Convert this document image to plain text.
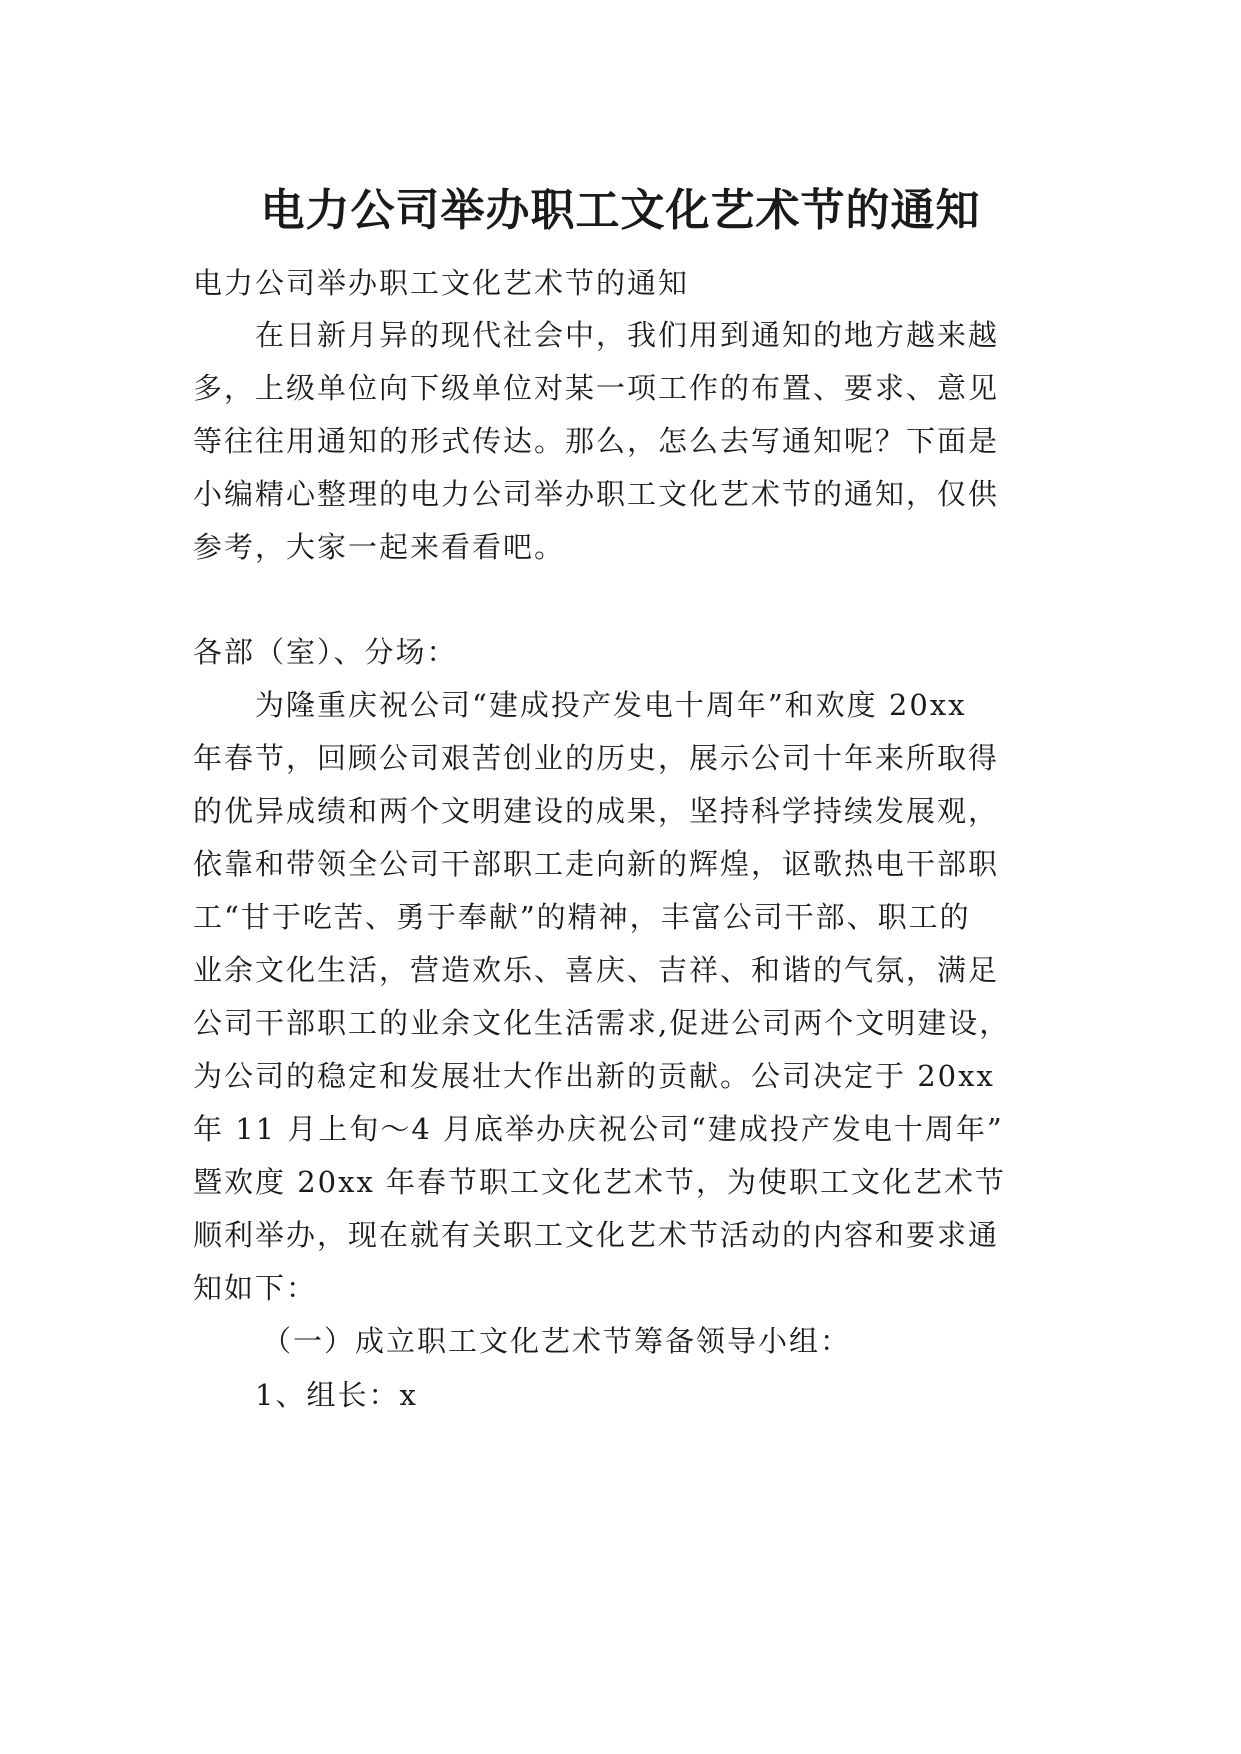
电力公司举办职工文化艺术节的通知

电力公司举办职工文化艺术节的通知

在日新月异的现代社会中，我们用到通知的地方越来越

多，上级单位向下级单位对某一项工作的布置、要求、意见

等往往用通知的形式传达。那么，怎么去写通知呢？下面是

小编精心整理的电力公司举办职工文化艺术节的通知，仅供

参考，大家一起来看看吧。

各部（室）、分场：

为隆重庆祝公司“建成投产发电十周年”和欢度 20xx

年春节，回顾公司艰苦创业的历史，展示公司十年来所取得

的优异成绩和两个文明建设的成果，坚持科学持续发展观，

依靠和带领全公司干部职工走向新的辉煌，讴歌热电干部职

工“甘于吃苦、勇于奉献”的精神，丰富公司干部、职工的

业余文化生活，营造欢乐、喜庆、吉祥、和谐的气氛，满足

公司干部职工的业余文化生活需求,促进公司两个文明建设，

为公司的稳定和发展壮大作出新的贡献。公司决定于 20xx

年 11 月上旬～4 月底举办庆祝公司“建成投产发电十周年”

暨欢度 20xx 年春节职工文化艺术节，为使职工文化艺术节

顺利举办，现在就有关职工文化艺术节活动的内容和要求通

知如下：

（一）成立职工文化艺术节筹备领导小组：

1、组长：x
